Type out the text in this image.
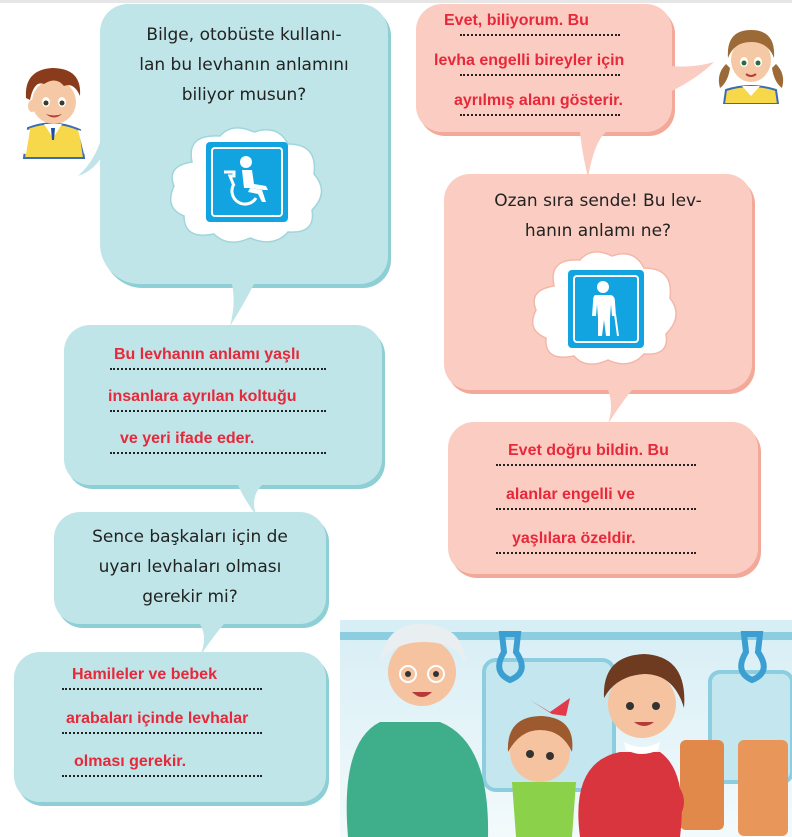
Bilge, otobüste kullanı-
lan bu levhanın anlamını
biliyor musun?
Bu levhanın anlamı yaşlı
insanlara ayrılan koltuğu
ve yeri ifade eder.
Sence başkaları için de
uyarı levhaları olması
gerekir mi?
Hamileler ve bebek
arabaları içinde levhalar
olması gerekir.
Evet, biliyorum. Bu
levha engelli bireyler için
ayrılmış alanı gösterir.
Ozan sıra sende! Bu lev-
hanın anlamı ne?
Evet doğru bildin. Bu
alanlar engelli ve
yaşlılara özeldir.
